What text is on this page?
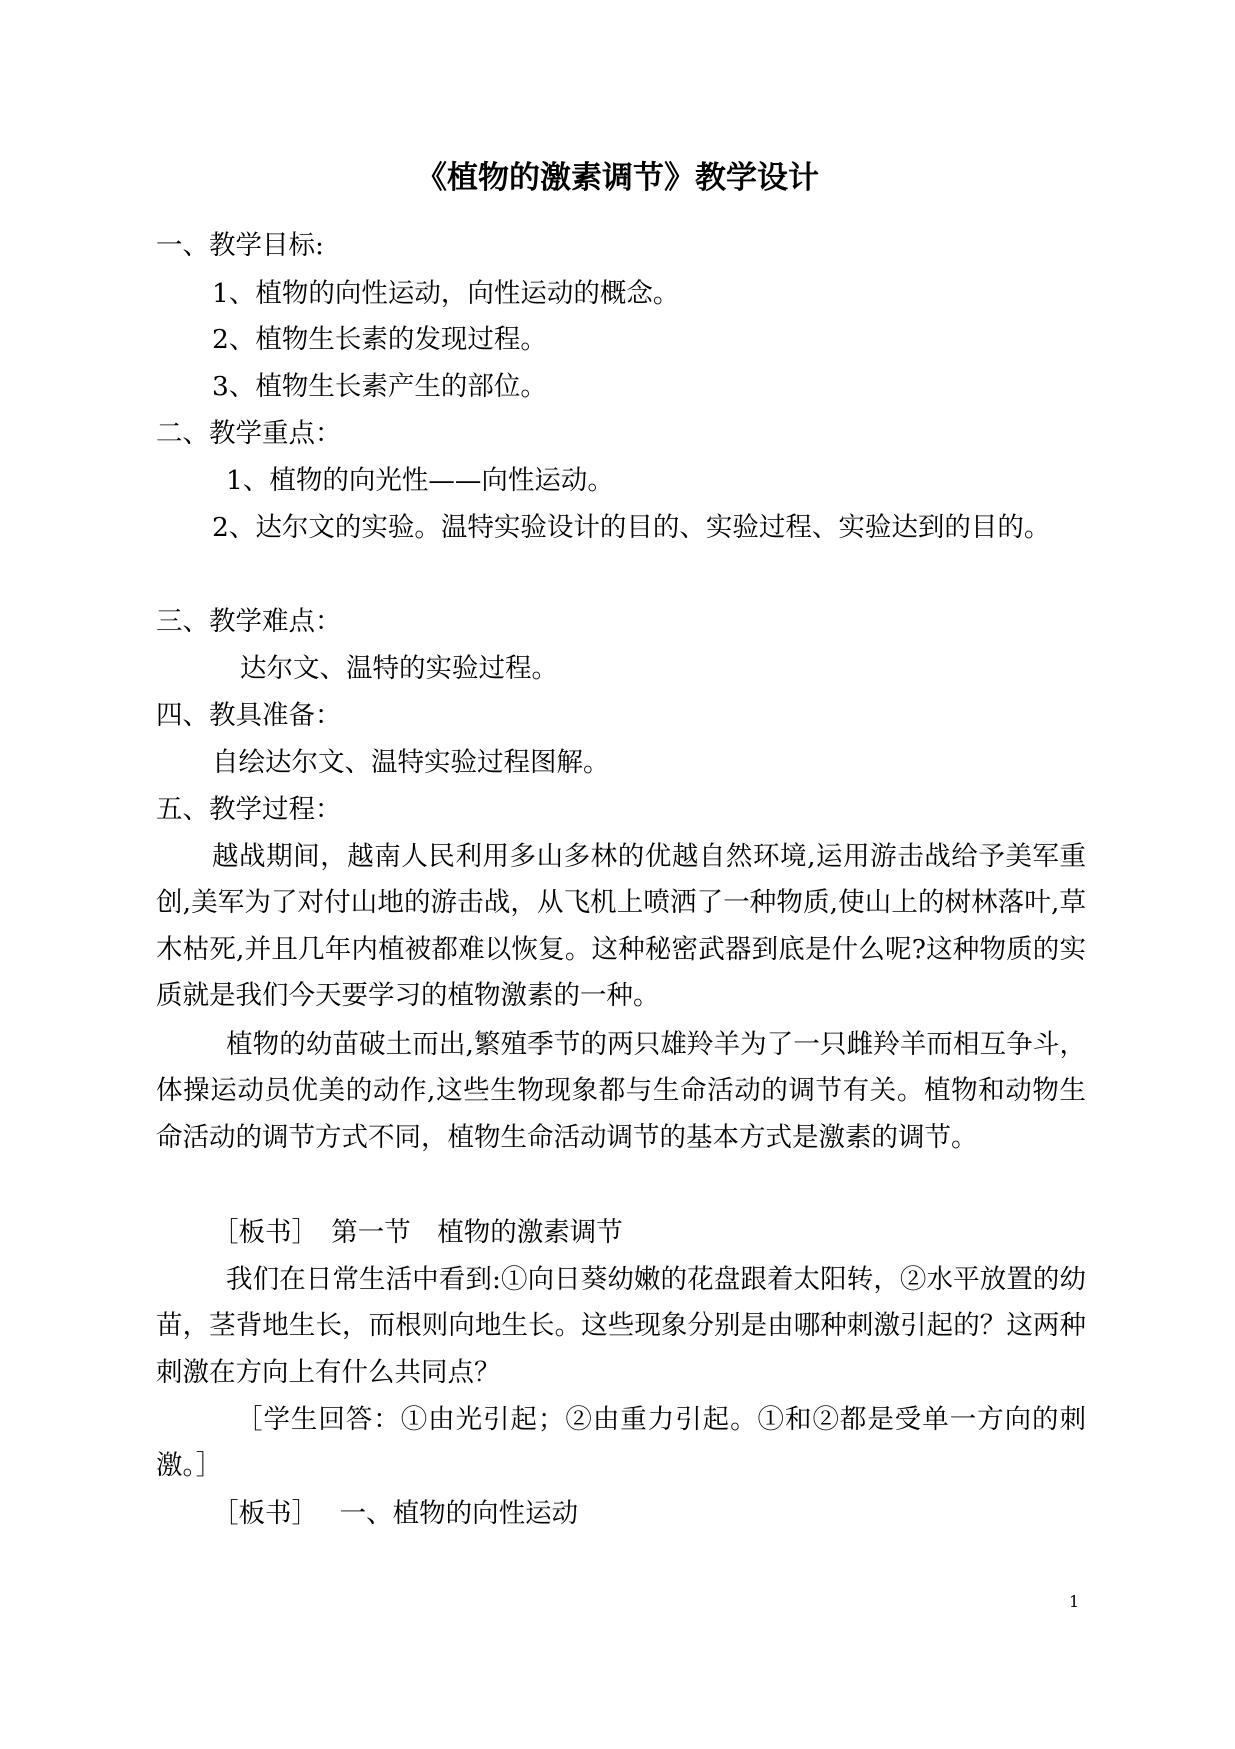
《植物的激素调节》教学设计
一、教学目标:
1、植物的向性运动，向性运动的概念。
2、植物生长素的发现过程。
3、植物生长素产生的部位。
二、教学重点：
1、植物的向光性——向性运动。
2、达尔文的实验。温特实验设计的目的、实验过程、实验达到的目的。
三、教学难点：
达尔文、温特的实验过程。
四、教具准备：
自绘达尔文、温特实验过程图解。
五、教学过程：
越战期间，越南人民利用多山多林的优越自然环境,运用游击战给予美军重创,美军为了对付山地的游击战，从飞机上喷洒了一种物质,使山上的树林落叶,草木枯死,并且几年内植被都难以恢复。这种秘密武器到底是什么呢?这种物质的实质就是我们今天要学习的植物激素的一种。
植物的幼苗破土而出,繁殖季节的两只雄羚羊为了一只雌羚羊而相互争斗，体操运动员优美的动作,这些生物现象都与生命活动的调节有关。植物和动物生命活动的调节方式不同，植物生命活动调节的基本方式是激素的调节。
［板书］　第一节　植物的激素调节
我们在日常生活中看到:①向日葵幼嫩的花盘跟着太阳转，②水平放置的幼苗，茎背地生长，而根则向地生长。这些现象分别是由哪种刺激引起的？这两种刺激在方向上有什么共同点？
［学生回答：①由光引起；②由重力引起。①和②都是受单一方向的刺激。］
［板书］　 一、植物的向性运动
1
